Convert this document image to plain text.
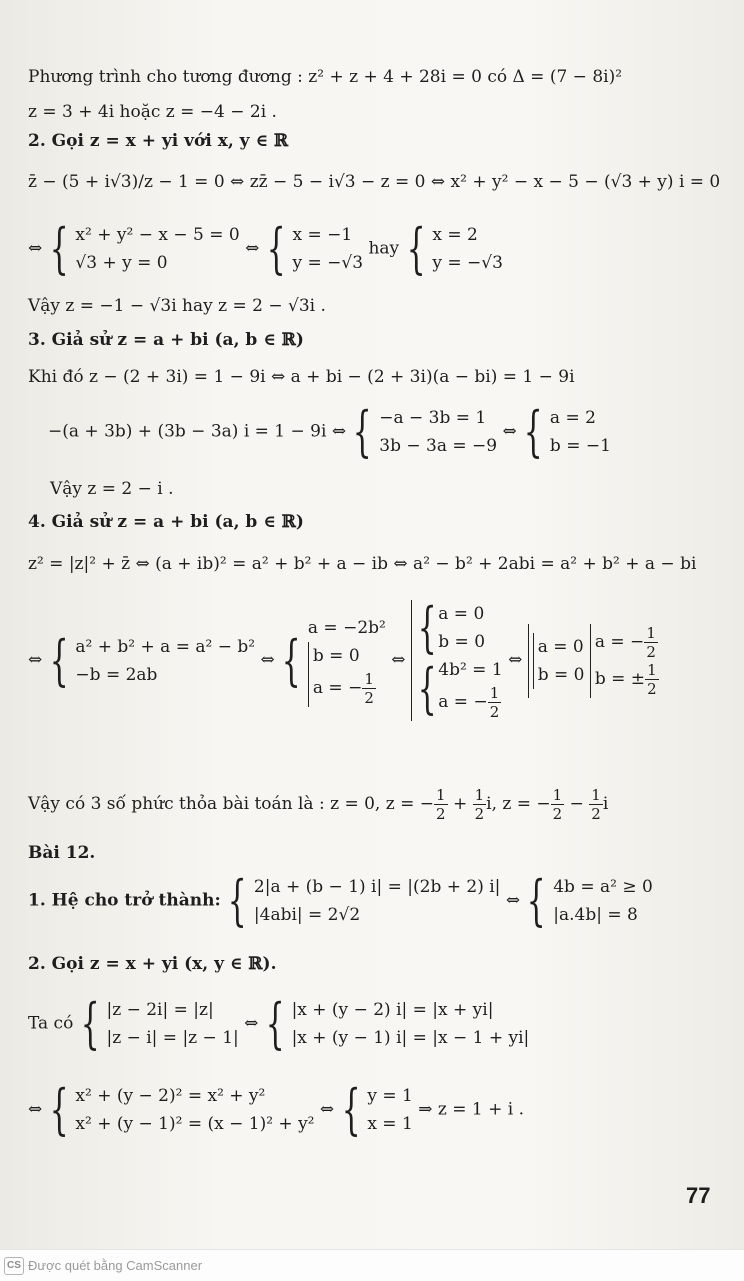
Phương trình cho tương đương : z² + z + 4 + 28i = 0 có Δ = (7 − 8i)²
z = 3 + 4i hoặc z = −4 − 2i .
2. Gọi z = x + yi với x, y ∈ ℝ
z̄ − (5 + i√3)/z − 1 = 0 ⇔ zz̄ − 5 − i√3 − z = 0 ⇔ x² + y² − x − 5 − (√3 + y) i = 0
⇔ { x² + y² − x − 5 = 0
√3 + y = 0
⇔ { x = −1
y = −√3
hay { x = 2
y = −√3
Vậy z = −1 − √3i hay z = 2 − √3i .
3. Giả sử z = a + bi (a, b ∈ ℝ)
Khi đó z − (2 + 3i) = 1 − 9i ⇔ a + bi − (2 + 3i)(a − bi) = 1 − 9i
−(a + 3b) + (3b − 3a) i = 1 − 9i ⇔ { −a − 3b = 1
3b − 3a = −9
⇔ { a = 2
b = −1
Vậy z = 2 − i .
4. Giả sử z = a + bi (a, b ∈ ℝ)
z² = |z|² + z̄ ⇔ (a + ib)² = a² + b² + a − ib ⇔ a² − b² + 2abi = a² + b² + a − bi
⇔ { a² + b² + a = a² − b²
−b = 2ab
⇔ {
a = −2b²
b = 0
a = − $\frac{1}{2}$
⇔
{ a = 0
b = 0
{ 4b² = 1
a = − $\frac{1}{2}$
⇔
a = 0
b = 0

a = − $\frac{1}{2}$
b = ± $\frac{1}{2}$
Vậy có 3 số phức thỏa bài toán là : z = 0, z = − $\frac{1}{2} + \frac{1}{2} i$, z = − $\frac{1}{2} - \frac{1}{2}$ i
Bài 12.
1. Hệ cho trở thành: { 2|a + (b − 1) i| = |(2b + 2) i|
|4abi| = 2√2
⇔ { 4b = a² ≥ 0
|a.4b| = 8
2. Gọi z = x + yi (x, y ∈ ℝ).
Ta có { |z − 2i| = |z|
|z − i| = |z − 1|
⇔ { |x + (y − 2) i| = |x + yi|
|x + (y − 1) i| = |x − 1 + yi|
⇔ { x² + (y − 2)² = x² + y²
x² + (y − 1)² = (x − 1)² + y²
⇔ { y = 1
x = 1
⇒ z = 1 + i .
77
CS Được quét bằng CamScanner
